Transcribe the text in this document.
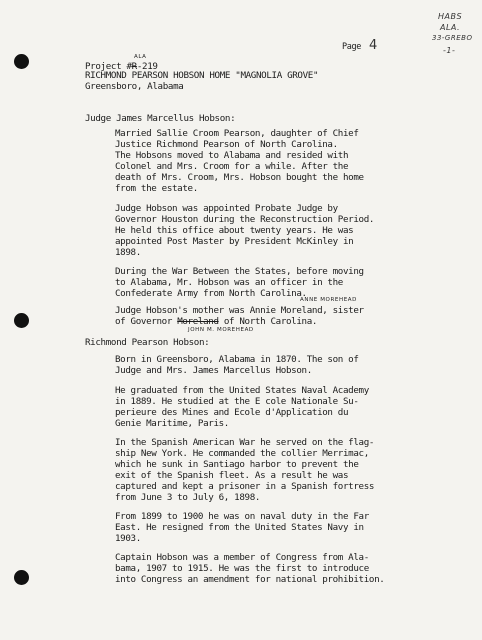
HABS
ALA.
33-GREBO
-1-
Page 4
ALA
Project #R-219
RICHMOND PEARSON HOBSON HOME "MAGNOLIA GROVE"
Greensboro, Alabama
Judge James Marcellus Hobson:
Married Sallie Croom Pearson, daughter of Chief
Justice Richmond Pearson of North Carolina.
The Hobsons moved to Alabama and resided with
Colonel and Mrs. Croom for a while. After the
death of Mrs. Croom, Mrs. Hobson bought the home
from the estate.
Judge Hobson was appointed Probate Judge by
Governor Houston during the Reconstruction Period.
He held this office about twenty years. He was
appointed Post Master by President McKinley in
1898.
During the War Between the States, before moving
to Alabama, Mr. Hobson was an officer in the
Confederate Army from North Carolina.
ANNE MOREHEAD
Judge Hobson's mother was Annie Moreland, sister
of Governor Moreland of North Carolina.
JOHN M. MOREHEAD
Richmond Pearson Hobson:
Born in Greensboro, Alabama in 1870. The son of
Judge and Mrs. James Marcellus Hobson.
He graduated from the United States Naval Academy
in 1889. He studied at the E cole Nationale Su-
perieure des Mines and Ecole d'Application du
Genie Maritime, Paris.
In the Spanish American War he served on the flag-
ship New York. He commanded the collier Merrimac,
which he sunk in Santiago harbor to prevent the
exit of the Spanish fleet. As a result he was
captured and kept a prisoner in a Spanish fortress
from June 3 to July 6, 1898.
From 1899 to 1900 he was on naval duty in the Far
East. He resigned from the United States Navy in
1903.
Captain Hobson was a member of Congress from Ala-
bama, 1907 to 1915. He was the first to introduce
into Congress an amendment for national prohibition.
